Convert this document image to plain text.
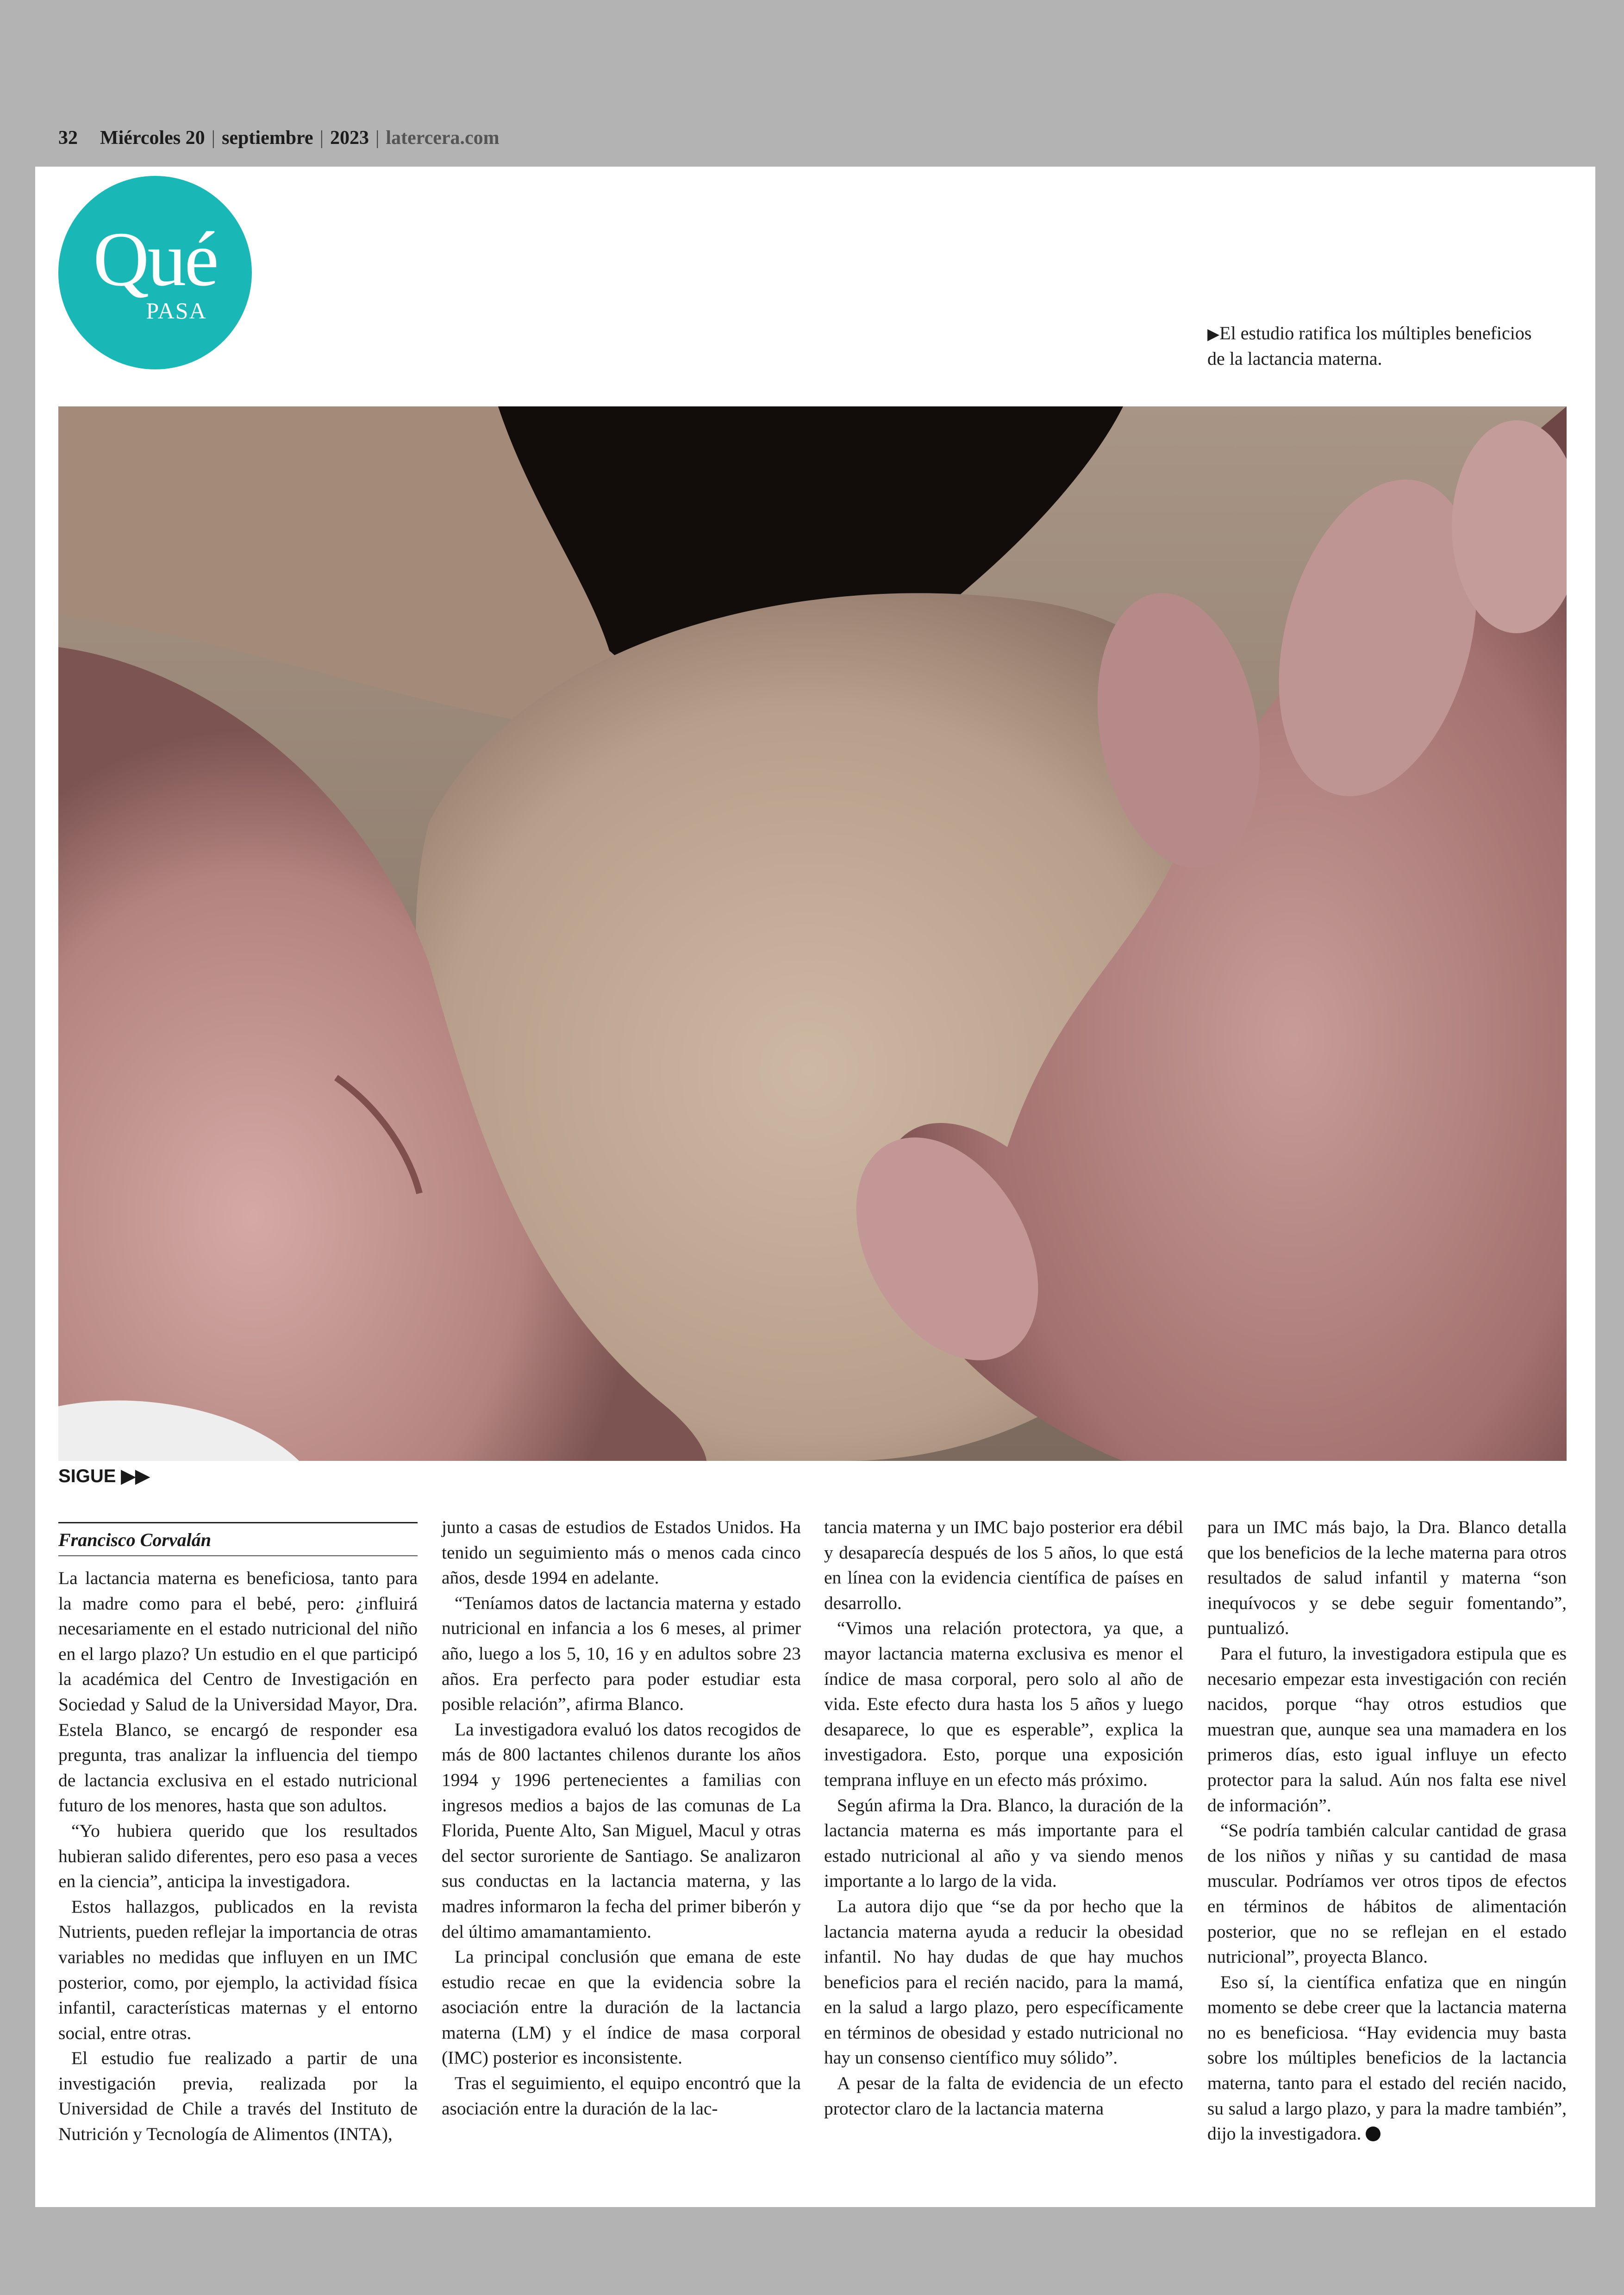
32 Miércoles 20 | septiembre | 2023 | latercera.com
Qué
PASA
▶El estudio ratifica los múltiples beneficios de la lactancia materna.
SIGUE ▶▶
Francisco Corvalán

La lactancia materna es beneficiosa, tanto para la madre como para el bebé, pero: ¿influirá necesariamente en el estado nutricional del niño en el largo plazo? Un estudio en el que participó la académica del Centro de Investigación en Sociedad y Salud de la Universidad Mayor, Dra. Estela Blanco, se encargó de responder esa pregunta, tras analizar la influencia del tiempo de lactancia exclusiva en el estado nutricional futuro de los menores, hasta que son adultos.

“Yo hubiera querido que los resultados hubieran salido diferentes, pero eso pasa a veces en la ciencia”, anticipa la investigadora.

Estos hallazgos, publicados en la revista Nutrients, pueden reflejar la importancia de otras variables no medidas que influyen en un IMC posterior, como, por ejemplo, la actividad física infantil, características maternas y el entorno social, entre otras.

El estudio fue realizado a partir de una investigación previa, realizada por la Universidad de Chile a través del Instituto de Nutrición y Tecnología de Alimentos (INTA),

junto a casas de estudios de Estados Unidos. Ha tenido un seguimiento más o menos cada cinco años, desde 1994 en adelante.

“Teníamos datos de lactancia materna y estado nutricional en infancia a los 6 meses, al primer año, luego a los 5, 10, 16 y en adultos sobre 23 años. Era perfecto para poder estudiar esta posible relación”, afirma Blanco.

La investigadora evaluó los datos recogidos de más de 800 lactantes chilenos durante los años 1994 y 1996 pertenecientes a familias con ingresos medios a bajos de las comunas de La Florida, Puente Alto, San Miguel, Macul y otras del sector suroriente de Santiago. Se analizaron sus conductas en la lactancia materna, y las madres informaron la fecha del primer biberón y del último amamantamiento.

La principal conclusión que emana de este estudio recae en que la evidencia sobre la asociación entre la duración de la lactancia materna (LM) y el índice de masa corporal (IMC) posterior es inconsistente.

Tras el seguimiento, el equipo encontró que la asociación entre la duración de la lac-

tancia materna y un IMC bajo posterior era débil y desaparecía después de los 5 años, lo que está en línea con la evidencia científica de países en desarrollo.

“Vimos una relación protectora, ya que, a mayor lactancia materna exclusiva es menor el índice de masa corporal, pero solo al año de vida. Este efecto dura hasta los 5 años y luego desaparece, lo que es esperable”, explica la investigadora. Esto, porque una exposición temprana influye en un efecto más próximo.

Según afirma la Dra. Blanco, la duración de la lactancia materna es más importante para el estado nutricional al año y va siendo menos importante a lo largo de la vida.

La autora dijo que “se da por hecho que la lactancia materna ayuda a reducir la obesidad infantil. No hay dudas de que hay muchos beneficios para el recién nacido, para la mamá, en la salud a largo plazo, pero específicamente en términos de obesidad y estado nutricional no hay un consenso científico muy sólido”.

A pesar de la falta de evidencia de un efecto protector claro de la lactancia materna

para un IMC más bajo, la Dra. Blanco detalla que los beneficios de la leche materna para otros resultados de salud infantil y materna “son inequívocos y se debe seguir fomentando”, puntualizó.

Para el futuro, la investigadora estipula que es necesario empezar esta investigación con recién nacidos, porque “hay otros estudios que muestran que, aunque sea una mamadera en los primeros días, esto igual influye un efecto protector para la salud. Aún nos falta ese nivel de información”.

“Se podría también calcular cantidad de grasa de los niños y niñas y su cantidad de masa muscular. Podríamos ver otros tipos de efectos en términos de hábitos de alimentación posterior, que no se reflejan en el estado nutricional”, proyecta Blanco.

Eso sí, la científica enfatiza que en ningún momento se debe creer que la lactancia materna no es beneficiosa. “Hay evidencia muy basta sobre los múltiples beneficios de la lactancia materna, tanto para el estado del recién nacido, su salud a largo plazo, y para la madre también”, dijo la investigadora.
